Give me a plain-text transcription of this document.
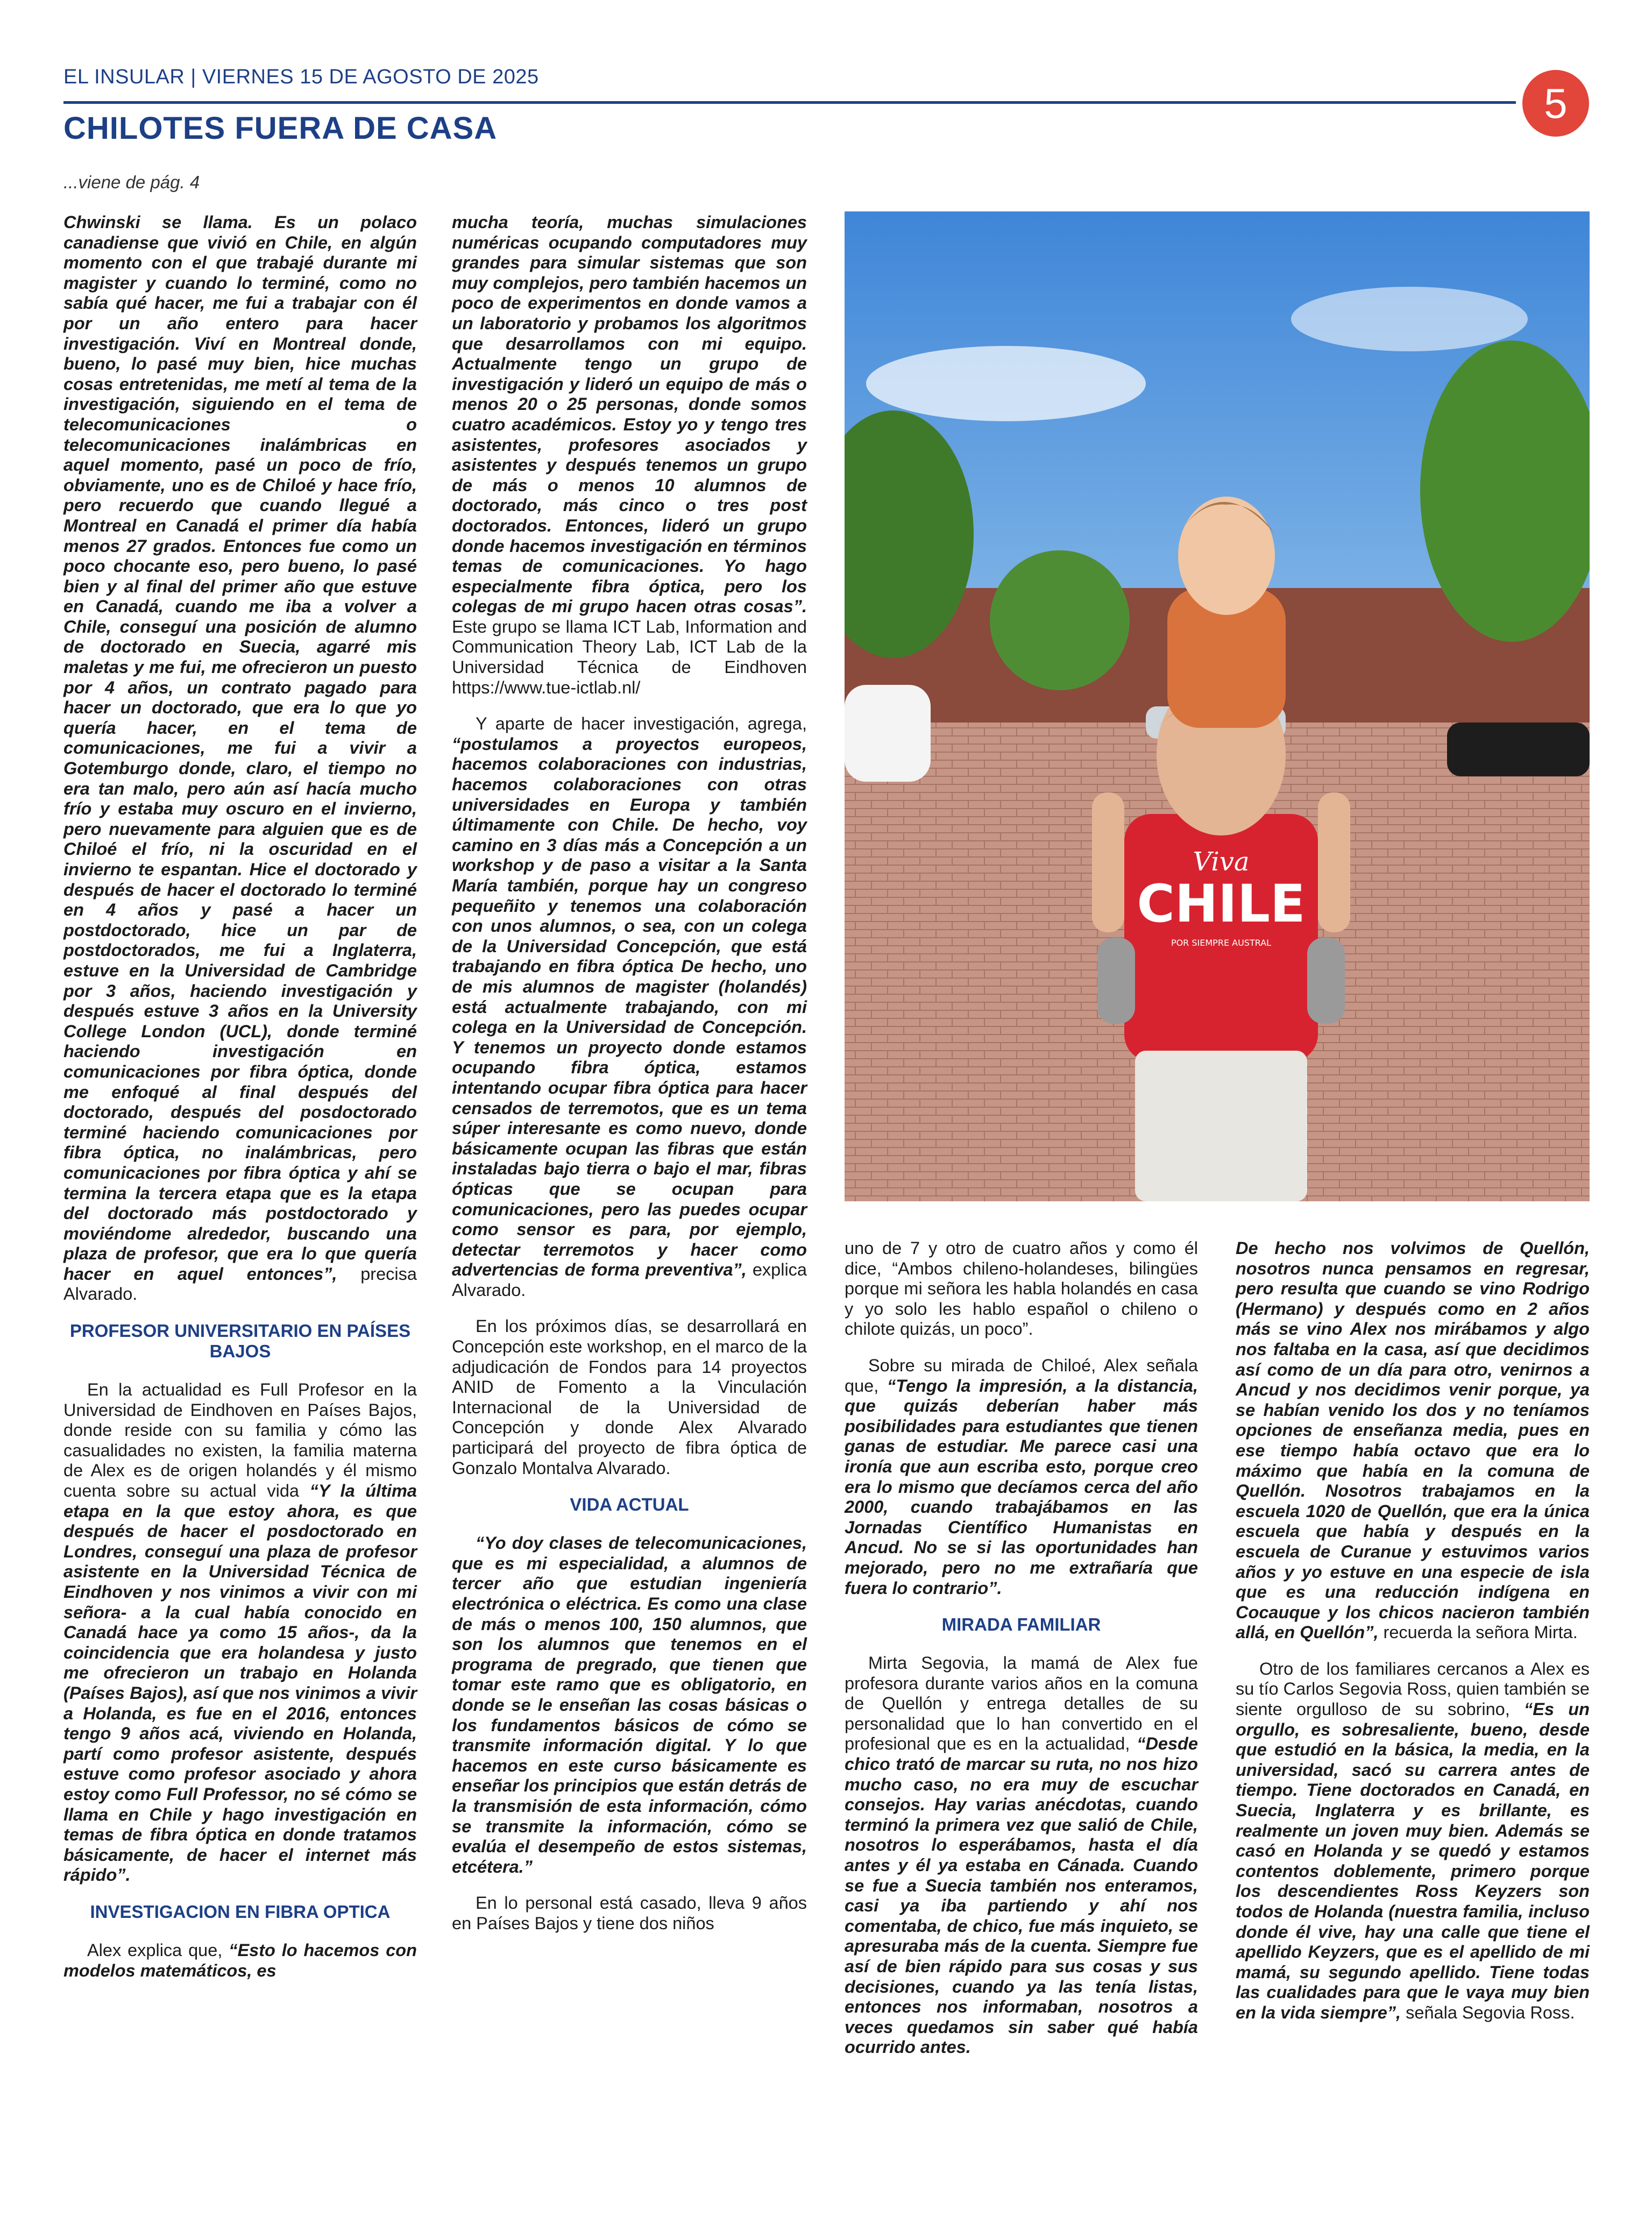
EL INSULAR | VIERNES 15 DE AGOSTO DE 2025
5
CHILOTES FUERA DE CASA
...viene de pág. 4

Chwinski se llama. Es un polaco canadiense que vivió en Chile, en algún momento con el que trabajé durante mi magister y cuando lo terminé, como no sabía qué hacer, me fui a trabajar con él por un año entero para hacer investigación. Viví en Montreal donde, bueno, lo pasé muy bien, hice muchas cosas entretenidas, me metí al tema de la investigación, siguiendo en el tema de telecomunicaciones o telecomunicaciones inalámbricas en aquel momento, pasé un poco de frío, obviamente, uno es de Chiloé y hace frío, pero recuerdo que cuando llegué a Montreal en Canadá el primer día había menos 27 grados. Entonces fue como un poco chocante eso, pero bueno, lo pasé bien y al final del primer año que estuve en Canadá, cuando me iba a volver a Chile, conseguí una posición de alumno de doctorado en Suecia, agarré mis maletas y me fui, me ofrecieron un puesto por 4 años, un contrato pagado para hacer un doctorado, que era lo que yo quería hacer, en el tema de comunicaciones, me fui a vivir a Gotemburgo donde, claro, el tiempo no era tan malo, pero aún así hacía mucho frío y estaba muy oscuro en el invierno, pero nuevamente para alguien que es de Chiloé el frío, ni la oscuridad en el invierno te espantan. Hice el doctorado y después de hacer el doctorado lo terminé en 4 años y pasé a hacer un postdoctorado, hice un par de postdoctorados, me fui a Inglaterra, estuve en la Universidad de Cambridge por 3 años, haciendo investigación y después estuve 3 años en la University College London (UCL), donde terminé haciendo investigación en comunicaciones por fibra óptica, donde me enfoqué al final después del doctorado, después del posdoctorado terminé haciendo comunicaciones por fibra óptica, no inalámbricas, pero comunicaciones por fibra óptica y ahí se termina la tercera etapa que es la etapa del doctorado más postdoctorado y moviéndome alrededor, buscando una plaza de profesor, que era lo que quería hacer en aquel entonces”, precisa Alvarado.

PROFESOR UNIVERSITARIO EN PAÍSES BAJOS

En la actualidad es Full Profesor en la Universidad de Eindhoven en Países Bajos, donde reside con su familia y cómo las casualidades no existen, la familia materna de Alex es de origen holandés y él mismo cuenta sobre su actual vida “Y la última etapa en la que estoy ahora, es que después de hacer el posdoctorado en Londres, conseguí una plaza de profesor asistente en la Universidad Técnica de Eindhoven y nos vinimos a vivir con mi señora- a la cual había conocido en Canadá hace ya como 15 años-, da la coincidencia que era holandesa y justo me ofrecieron un trabajo en Holanda (Países Bajos), así que nos vinimos a vivir a Holanda, es fue en el 2016, entonces tengo 9 años acá, viviendo en Holanda, partí como profesor asistente, después estuve como profesor asociado y ahora estoy como Full Professor, no sé cómo se llama en Chile y hago investigación en temas de fibra óptica en donde tratamos básicamente, de hacer el internet más rápido”.

INVESTIGACION EN FIBRA OPTICA

Alex explica que, “Esto lo hacemos con modelos matemáticos, es

mucha teoría, muchas simulaciones numéricas ocupando computadores muy grandes para simular sistemas que son muy complejos, pero también hacemos un poco de experimentos en donde vamos a un laboratorio y probamos los algoritmos que desarrollamos con mi equipo. Actualmente tengo un grupo de investigación y lideró un equipo de más o menos 20 o 25 personas, donde somos cuatro académicos. Estoy yo y tengo tres asistentes, profesores asociados y asistentes y después tenemos un grupo de más o menos 10 alumnos de doctorado, más cinco o tres post doctorados. Entonces, lideró un grupo donde hacemos investigación en términos temas de comunicaciones. Yo hago especialmente fibra óptica, pero los colegas de mi grupo hacen otras cosas”. Este grupo se llama ICT Lab, Information and Communication Theory Lab, ICT Lab de la Universidad Técnica de Eindhoven https://www.tue-ictlab.nl/

Y aparte de hacer investigación, agrega, “postulamos a proyectos europeos, hacemos colaboraciones con industrias, hacemos colaboraciones con otras universidades en Europa y también últimamente con Chile. De hecho, voy camino en 3 días más a Concepción a un workshop y de paso a visitar a la Santa María también, porque hay un congreso pequeñito y tenemos una colaboración con unos alumnos, o sea, con un colega de la Universidad Concepción, que está trabajando en fibra óptica De hecho, uno de mis alumnos de magister (holandés) está actualmente trabajando, con mi colega en la Universidad de Concepción. Y tenemos un proyecto donde estamos ocupando fibra óptica, estamos intentando ocupar fibra óptica para hacer censados de terremotos, que es un tema súper interesante es como nuevo, donde básicamente ocupan las fibras que están instaladas bajo tierra o bajo el mar, fibras ópticas que se ocupan para comunicaciones, pero las puedes ocupar como sensor es para, por ejemplo, detectar terremotos y hacer como advertencias de forma preventiva”, explica Alvarado.

En los próximos días, se desarrollará en Concepción este workshop, en el marco de la adjudicación de Fondos para 14 proyectos ANID de Fomento a la Vinculación Internacional de la Universidad de Concepción y donde Alex Alvarado participará del proyecto de fibra óptica de Gonzalo Montalva Alvarado.

VIDA ACTUAL

“Yo doy clases de telecomunicaciones, que es mi especialidad, a alumnos de tercer año que estudian ingeniería electrónica o eléctrica. Es como una clase de más o menos 100, 150 alumnos, que son los alumnos que tenemos en el programa de pregrado, que tienen que tomar este ramo que es obligatorio, en donde se le enseñan las cosas básicas o los fundamentos básicos de cómo se transmite información digital. Y lo que hacemos en este curso básicamente es enseñar los principios que están detrás de la transmisión de esta información, cómo se transmite la información, cómo se evalúa el desempeño de estos sistemas, etcétera.”

En lo personal está casado, lleva 9 años en Países Bajos y tiene dos niños

Viva
CHILE
POR SIEMPRE AUSTRAL

uno de 7 y otro de cuatro años y como él dice, “Ambos chileno-holandeses, bilingües porque mi señora les habla holandés en casa y yo solo les hablo español o chileno o chilote quizás, un poco”.

Sobre su mirada de Chiloé, Alex señala que, “Tengo la impresión, a la distancia, que quizás deberían haber más posibilidades para estudiantes que tienen ganas de estudiar. Me parece casi una ironía que aun escriba esto, porque creo era lo mismo que decíamos cerca del año 2000, cuando trabajábamos en las Jornadas Científico Humanistas en Ancud. No se si las oportunidades han mejorado, pero no me extrañaría que fuera lo contrario”.

MIRADA FAMILIAR

Mirta Segovia, la mamá de Alex fue profesora durante varios años en la comuna de Quellón y entrega detalles de su personalidad que lo han convertido en el profesional que es en la actualidad, “Desde chico trató de marcar su ruta, no nos hizo mucho caso, no era muy de escuchar consejos. Hay varias anécdotas, cuando terminó la primera vez que salió de Chile, nosotros lo esperábamos, hasta el día antes y él ya estaba en Cánada. Cuando se fue a Suecia también nos enteramos, casi ya iba partiendo y ahí nos comentaba, de chico, fue más inquieto, se apresuraba más de la cuenta. Siempre fue así de bien rápido para sus cosas y sus decisiones, cuando ya las tenía listas, entonces nos informaban, nosotros a veces quedamos sin saber qué había ocurrido antes.

De hecho nos volvimos de Quellón, nosotros nunca pensamos en regresar, pero resulta que cuando se vino Rodrigo (Hermano) y después como en 2 años más se vino Alex nos mirábamos y algo nos faltaba en la casa, así que decidimos así como de un día para otro, venirnos a Ancud y nos decidimos venir porque, ya se habían venido los dos y no teníamos opciones de enseñanza media, pues en ese tiempo había octavo que era lo máximo que había en la comuna de Quellón. Nosotros trabajamos en la escuela 1020 de Quellón, que era la única escuela que había y después en la escuela de Curanue y estuvimos varios años y yo estuve en una especie de isla que es una reducción indígena en Cocauque y los chicos nacieron también allá, en Quellón”, recuerda la señora Mirta.

Otro de los familiares cercanos a Alex es su tío Carlos Segovia Ross, quien también se siente orgulloso de su sobrino, “Es un orgullo, es sobresaliente, bueno, desde que estudió en la básica, la media, en la universidad, sacó su carrera antes de tiempo. Tiene doctorados en Canadá, en Suecia, Inglaterra y es brillante, es realmente un joven muy bien. Además se casó en Holanda y se quedó y estamos contentos doblemente, primero porque los descendientes Ross Keyzers son todos de Holanda (nuestra familia, incluso donde él vive, hay una calle que tiene el apellido Keyzers, que es el apellido de mi mamá, su segundo apellido. Tiene todas las cualidades para que le vaya muy bien en la vida siempre”, señala Segovia Ross.
